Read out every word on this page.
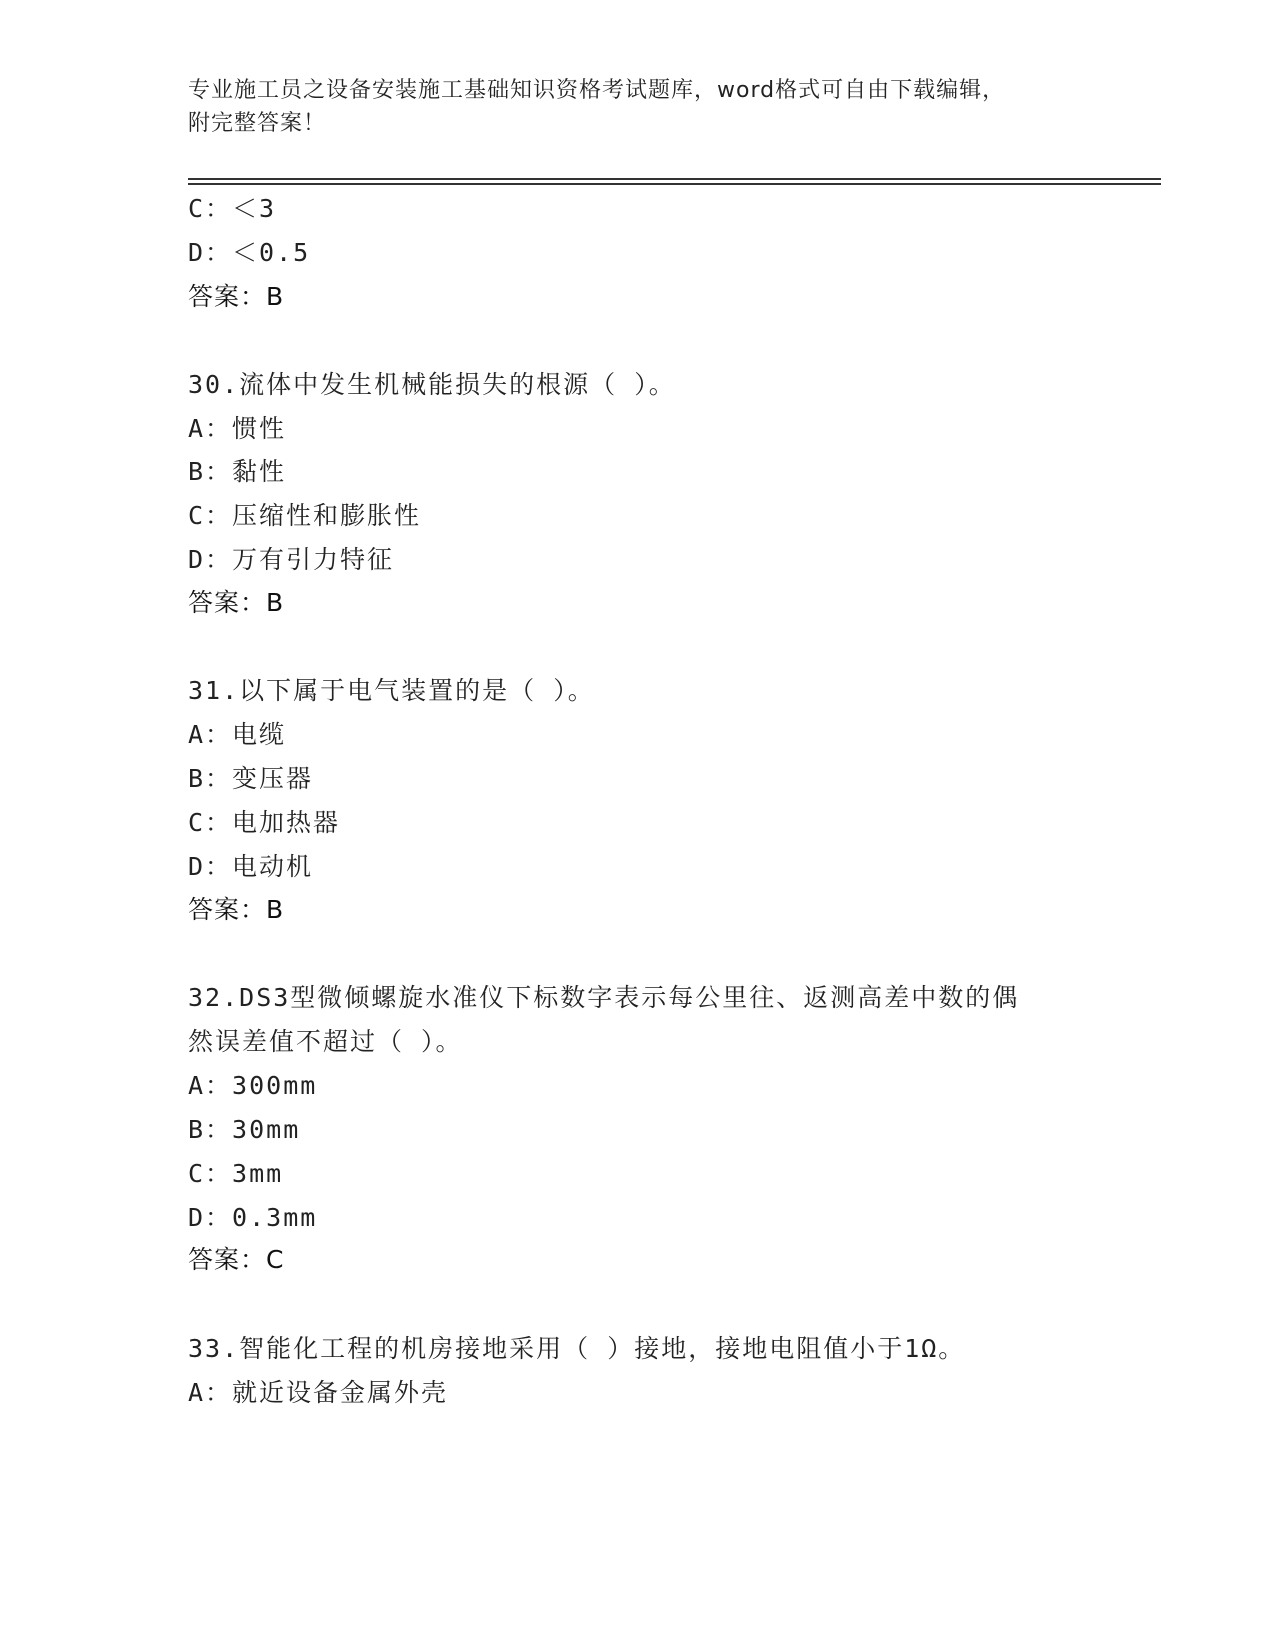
专业施工员之设备安装施工基础知识资格考试题库，word格式可自由下载编辑，
附完整答案！
C：＜3
D：＜0.5
答案：B
30.流体中发生机械能损失的根源（ ）。
A：惯性
B：黏性
C：压缩性和膨胀性
D：万有引力特征
答案：B
31.以下属于电气装置的是（ ）。
A：电缆
B：变压器
C：电加热器
D：电动机
答案：B
32.DS3型微倾螺旋水准仪下标数字表示每公里往、返测高差中数的偶
然误差值不超过（ ）。
A：300mm
B：30mm
C：3mm
D：0.3mm
答案：C
33.智能化工程的机房接地采用（ ）接地，接地电阻值小于1Ω。
A：就近设备金属外壳
